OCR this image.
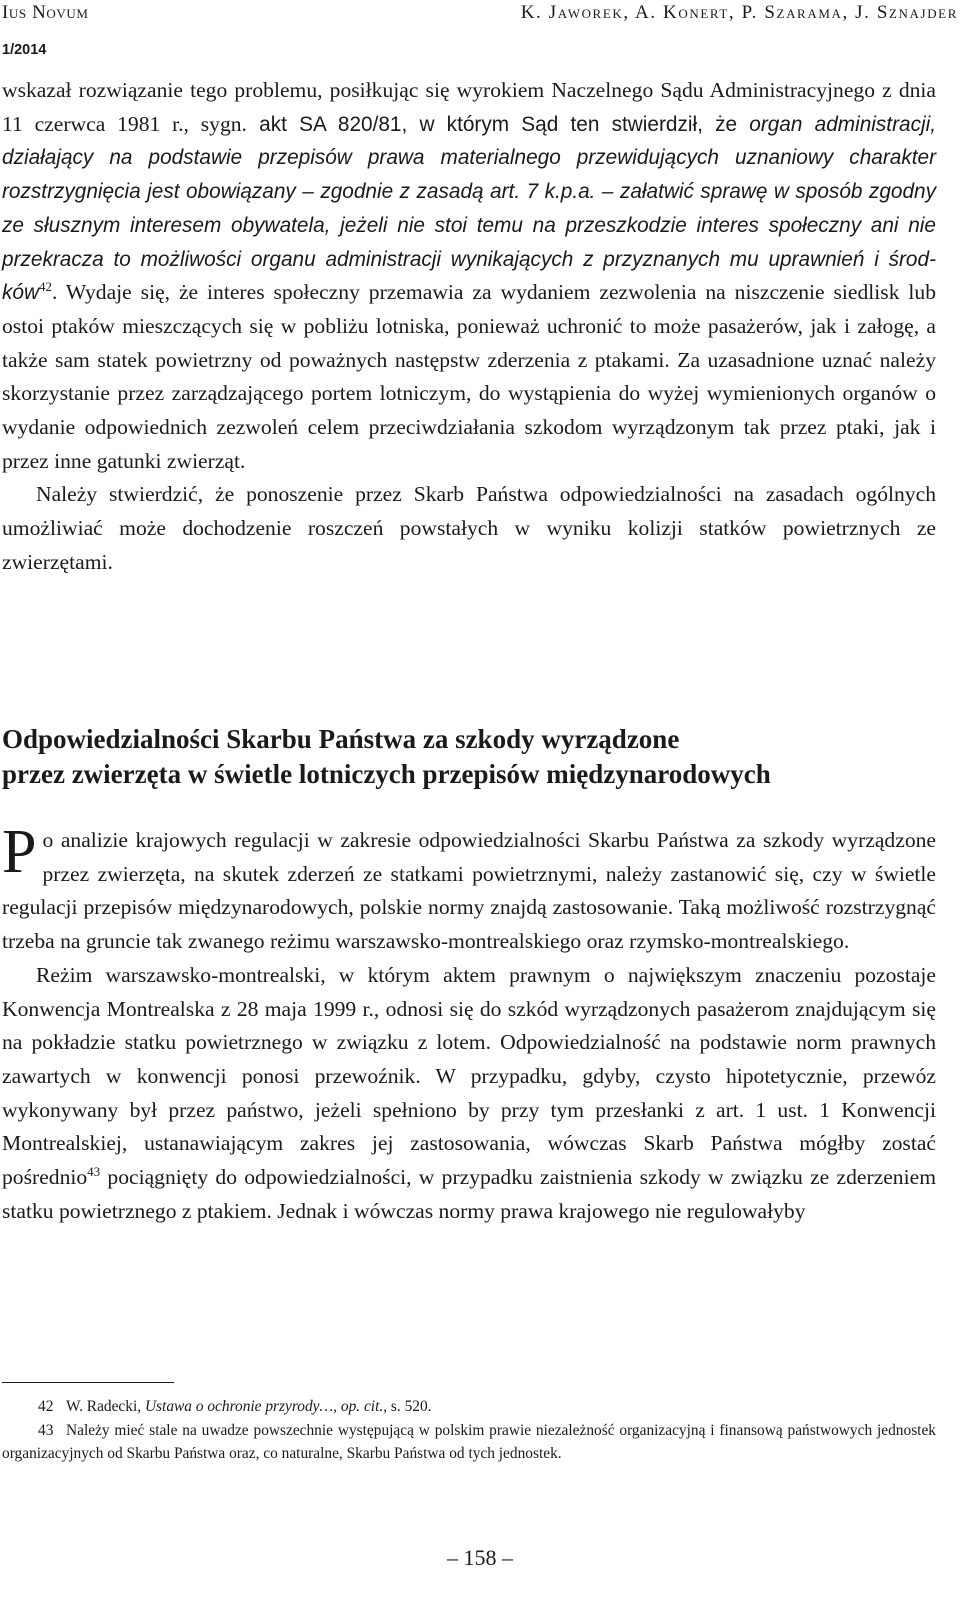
Ius Novum	K. Jaworek, A. Konert, P. Szarama, J. Sznajder
1/2014

wskazał rozwiązanie tego problemu, posiłkując się wyrokiem Naczelnego Sądu Administracyjnego z dnia 11 czerwca 1981 r., sygn. akt SA 820/81, w którym Sąd ten stwierdził, że organ administracji, działający na podstawie przepisów prawa materialnego przewidujących uznaniowy charakter rozstrzygnięcia jest obowiązany – zgodnie z zasadą art. 7 k.p.a. – załatwić sprawę w sposób zgodny ze słusznym interesem obywatela, jeżeli nie stoi temu na przeszkodzie interes społeczny ani nie przekracza to możliwości organu administracji wynikających z przyznanych mu uprawnień i środków$^{42}$. Wydaje się, że interes społeczny przemawia za wydaniem zezwolenia na niszczenie siedlisk lub ostoi ptaków mieszczących się w pobliżu lotniska, ponieważ uchronić to może pasażerów, jak i załogę, a także sam statek powietrzny od poważnych następstw zderzenia z ptakami. Za uzasadnione uznać należy skorzystanie przez zarządzającego portem lotniczym, do wystąpienia do wyżej wymienionych organów o wydanie odpowiednich zezwoleń celem przeciwdziałania szkodom wyrządzonym tak przez ptaki, jak i przez inne gatunki zwierząt.

Należy stwierdzić, że ponoszenie przez Skarb Państwa odpowiedzialności na zasadach ogólnych umożliwiać może dochodzenie roszczeń powstałych w wyniku kolizji statków powietrznych ze zwierzętami.

Odpowiedzialności Skarbu Państwa za szkody wyrządzone
przez zwierzęta w świetle lotniczych przepisów międzynarodowych

Po analizie krajowych regulacji w zakresie odpowiedzialności Skarbu Państwa za szkody wyrządzone przez zwierzęta, na skutek zderzeń ze statkami powietrznymi, należy zastanowić się, czy w świetle regulacji przepisów międzynarodowych, polskie normy znajdą zastosowanie. Taką możliwość rozstrzygnąć trzeba na gruncie tak zwanego reżimu warszawsko-montrealskiego oraz rzymsko-montrealskiego.

Reżim warszawsko-montrealski, w którym aktem prawnym o największym znaczeniu pozostaje Konwencja Montrealska z 28 maja 1999 r., odnosi się do szkód wyrządzonych pasażerom znajdującym się na pokładzie statku powietrznego w związku z lotem. Odpowiedzialność na podstawie norm prawnych zawartych w konwencji ponosi przewoźnik. W przypadku, gdyby, czysto hipotetycznie, przewóz wykonywany był przez państwo, jeżeli spełniono by przy tym przesłanki z art. 1 ust. 1 Konwencji Montrealskiej, ustanawiającym zakres jej zastosowania, wówczas Skarb Państwa mógłby zostać pośrednio$^{43}$ pociągnięty do odpowiedzialności, w przypadku zaistnienia szkody w związku ze zderzeniem statku powietrznego z ptakiem. Jednak i wówczas normy prawa krajowego nie regulowałyby

42 W. Radecki, Ustawa o ochronie przyrody…, op. cit., s. 520.

43 Należy mieć stale na uwadze powszechnie występującą w polskim prawie niezależność organizacyjną i finansową państwowych jednostek organizacyjnych od Skarbu Państwa oraz, co naturalne, Skarbu Państwa od tych jednostek.

– 158 –
